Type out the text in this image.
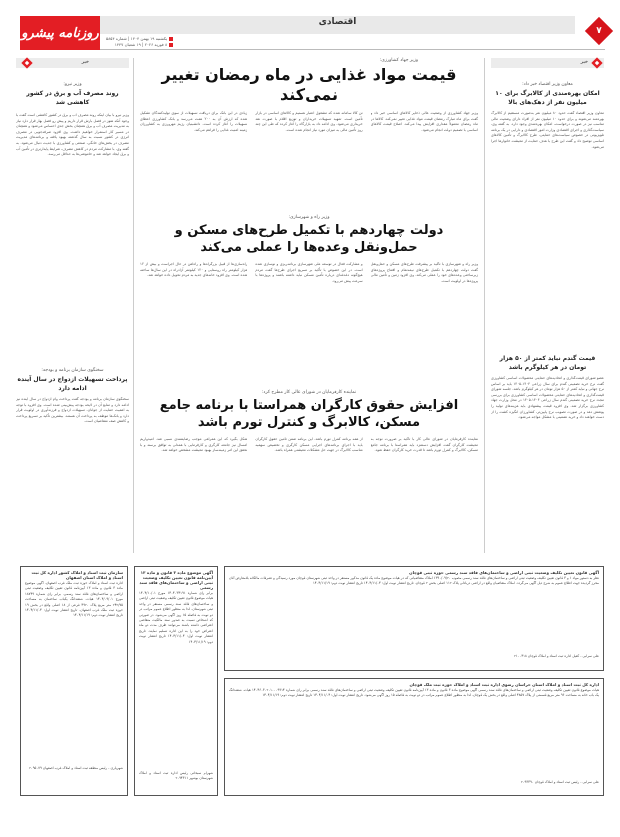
اقتصادی
روزنامه پیشرو	یکشنبه ۱۹ بهمن ۱۴۰۴ | شماره ۵۸۵۴
۸ فوریه ۲۰۲۶ | ۱۹ شعبان ۱۴۴۷
۷
خبر
معاون وزیر اقتصاد خبر داد:
امکان بهره‌مندی از کالابرگ برای ۱۰ میلیون نفر از دهک‌های بالا
معاون وزیر اقتصاد گفت حدود ۸۰ میلیون نفر به‌صورت مستقیم از کالابرگ بهره‌مند می‌شوند و برای حدود ۱۰ میلیون نفر از افراد دارای وضعیت مالی مناسب نیز در صورت درخواست، امکان بهره‌مندی وجود دارد. به گفته وی، سیاست‌گذاری و اجرای اقتصادی وزارت امور اقتصادی و دارایی در یک برنامه تلویزیونی در خصوص سیاست‌های حمایتی، طرح کالابرگ و تأمین کالاهای اساسی توضیح داد و گفت این طرح با هدف حمایت از معیشت خانوارها اجرا می‌شود.
قیمت گندم نباید کمتر از ۵۰ هزار تومان در هر کیلوگرم باشد
عضو شورای قیمت‌گذاری و اتحادیه‌های حمایتی محصولات اساسی کشاورزی گفت نرخ خرید تضمینی گندم برای سال زراعی ۱۴۰۴-۱۴۰۵ باید بر اساس نرخ جهانی و نباید کمتر از ۵۰ هزار تومان در هر کیلوگرم باشد. جلسه شورای قیمت‌گذاری و اتحادیه‌های حمایتی محصولات اساسی کشاورزی برای بررسی مجدد نرخ خرید تضمینی گندم سال زراعی ۱۴۰۴-۱۴۰۵ در محل وزارت جهاد کشاورزی برگزار شد. وی افزود قیمت پیشنهادی باید هزینه‌های تولید را پوشش دهد و در صورت تصویب نرخ پایین‌تر، کشاورزان انگیزه کشت را از دست خواهند داد و خرید تضمینی با مشکل مواجه می‌شود.
وزیر جهاد کشاورزی:
قیمت مواد غذایی در ماه رمضان تغییر نمی‌کند
وزیر جهاد کشاورزی از وضعیت عالی ذخایر کالاهای اساسی خبر داد و گفت برای ماه مبارک رمضان قیمت مواد غذایی تغییر نمی‌کند. کالاها در ماه رمضان معمولاً مقداری افزایش پیدا می‌کند. اصلاح قیمت کالاهای اساسی با تصمیم دولت انجام می‌شود.
تن کالا سامانه شده که مشغول اعتبار هستیم و کالاهای اساسی در بازار تأمین است. تمهید تسهیلات خریداران و توزیع اقلام با صورت نقد خریداری می‌شود. وی ادامه داد به بازارگاه را آغاز کرده که طی این چند روز تأمین مالی به میزان مورد نیاز انجام شده است.
زیادی در این بانک برای دریافت تسهیلات از سوی تولیدکنندگان تشکیل شده که ارزش آن به ۲۰۰ همت می‌رسد و بانک کشاورزی اعطای تسهیلات را آغاز کرده است. دانشبنیان رژیم مهرورزی به کشاورزان زمینه امنیت غذایی را فراهم می‌کند.
وزیر راه و شهرسازی:
دولت چهاردهم با تکمیل طرح‌های مسکن و حمل‌ونقل وعده‌ها را عملی می‌کند
وزیر راه و شهرسازی با تأکید بر پیشرفت طرح‌های مسکن و حمل‌ونقل گفت دولت چهاردهم با تکمیل طرح‌های نیمه‌تمام و افتتاح پروژه‌های زیرساختی وعده‌های خود را عملی می‌کند. وی افزود زمین و تأمین مالی پروژه‌ها در اولویت است.
و مشارکت فعال در توسعه ملی شهرسازی برنامه‌ریزی و نوسازی شده است. در این خصوص با تأکید بر تسریع اجرای طرح‌ها گفت مردم هیچ‌گونه دغدغه‌ای درباره تأمین مسکن نباید داشته باشند و پروژه‌ها با سرعت پیش می‌رود.
راه‌سازی‌ها از قبیل بزرگراه‌ها و راه‌آهن در حال اجراست و بیش از ۱۲ هزار کیلومتر راه روستایی و ۱۲۰ کیلومتر آزادراه در این سال‌ها ساخته شده است. وی افزود خانه‌های جدید به مردم تحویل داده خواهد شد.
نماینده کارفرمایان در شورای عالی کار مطرح کرد:
افزایش حقوق کارگران همراستا با برنامه جامع مسکن، کالابرگ و کنترل تورم باشد
نماینده کارفرمایان در شورای عالی کار با تأکید بر ضرورت توجه به معیشت کارگران گفت افزایش دستمزد باید همراستا با برنامه جامع مسکن، کالابرگ و کنترل تورم باشد تا قدرت خرید کارگران حفظ شود.
از همه برنامه کنترل تورم باشد. این برنامه ضمن تأمین حقوق کارگران باید با اجرای برنامه‌های اجرایی مسکن کارگری و تخصیص سهمیه مناسب کالابرگ در جهت حل مشکلات معیشتی همراه باشد.
شکل بگیرد که این همراهی موجب رضایتمندی نسبی شد. امیدواریم امسال نیز جامعه کارگری و کارفرمایی با همدلی به توافق برسند و با تحقق این امر زمینه‌ساز بهبود معیشت مشخص خواهد شد.
خبر
وزیر نیرو:
روند مصرف آب و برق در کشور کاهشی شد
وزیر نیرو با بیان اینکه روند مصرف آب و برق در کشور کاهشی است گفت با وجود آنکه هنوز در فصل بارش قرار داریم و پیش رو فصل بهار قرار دارد نیاز به مدیریت مصرف آب و برق همچنان بخش جدی احساس می‌شود و همچنان در مسیر کار استمرار خواهیم داشت. وی افزود صرفه‌جویی در مصرف انرژی در کشور نسبت به سال گذشته بهبود یافته و برنامه‌های مدیریت مصرف در بخش‌های خانگی، صنعتی و کشاورزی با جدیت دنبال می‌شود. به گفته وی، با مشارکت مردم در کاهش مصرف، شرایط پایدارتری در تأمین آب و برق ایجاد خواهد شد و خاموشی‌ها به حداقل می‌رسد.
سخنگوی سازمان برنامه و بودجه:
پرداخت تسهیلات ازدواج در سال آینده ادامه دارد
سخنگوی سازمان برنامه و بودجه گفت پرداخت وام ازدواج در سال آینده نیز ادامه دارد و منابع آن در لایحه بودجه پیش‌بینی شده است. وی افزود با توجه به اهمیت حمایت از جوانان، تسهیلات ازدواج و فرزندآوری در اولویت قرار دارد و بانک‌ها موظف به پرداخت آن هستند. بیشترین تأکید بر تسریع پرداخت و کاهش صف متقاضیان است.
آگهی قانون تعیین تکلیف وضعیت ثبتی اراضی و ساختمان‌های فاقد سند رسمی حوزه ثبتی قوچان
نظر به دستور مواد ۱ و ۳ قانون تعیین تکلیف وضعیت ثبتی اراضی و ساختمان‌های فاقد سند رسمی مصوب ۱۳۹۰/۰۹/۲۰ املاک متقاضیانی که در هیات موضوع ماده یک قانون مذکور مستقر در واحد ثبتی شهرستان قوچان مورد رسیدگی و تصرفات مالکانه بلامعارض آنان محرز گردیده جهت اطلاع عموم به شرح ذیل آگهی می‌گردد. املاک متقاضیان واقع در اراضی دربادلی پلاک ۱۱۲ اصلی بخش ۲ قوچان. تاریخ انتشار نوبت اول: ۱۴۰۴/۱۱/۰۴ تاریخ انتشار نوبت دوم: ۱۴۰۴/۱۱/۱۹
علی سرابی - کفیل اداره ثبت اسناد و املاک قوچان ۲۱۰۰۴۱۸
اداره کل ثبت اسناد و املاک استان خراسان رضوی اداره ثبت اسناد و املاک حوزه ثبت ملک قوچان
هیات موضوع قانون تعیین تکلیف وضعیت ثبتی اراضی و ساختمان‌های فاقد سند رسمی آگهی موضوع ماده ۳ قانون و ماده ۱۳ آیین‌نامه قانون تعیین تکلیف وضعیت ثبتی اراضی و ساختمان‌های فاقد سند رسمی برابر رای شماره ۱۴۰۴۶۰۳۰۲۰۱۰۰۰۹۹۱۴ هیات. ششدانگ یک باب خانه به مساحت ۹۶ متر مربع قسمتی از پلاک ۴۸۵۷ اصلی واقع در بخش یک قوچان. لذا به منظور اطلاع عموم مراتب در دو نوبت به فاصله ۱۵ روز آگهی می‌شود. تاریخ انتشار نوبت اول: ۱۴۰۴/۱۱/۰۴ تاریخ انتشار نوبت دوم: ۱۴۰۴/۱۱/۱۹
علی سرابی - رئیس ثبت اسناد و املاک قوچان ۲۰۹۳۳۹۰
آگهی موضوع ماده ۳ قانون و ماده ۱۳ آیین‌نامه قانون تعیین تکلیف وضعیت ثبتی اراضی و ساختمان‌های فاقد سند رسمی
برابر رای شماره ۱۴۰۴۰۳۴۱۹۱ مورخ ۱۴۰۴/۱۰/۰۱ هیات موضوع قانون تعیین تکلیف وضعیت ثبتی اراضی و ساختمان‌های فاقد سند رسمی مستقر در واحد ثبتی شهرستان. لذا به منظور اطلاع عموم مراتب در دو نوبت به فاصله ۱۵ روز آگهی می‌شود. در صورتی که اشخاص نسبت به صدور سند مالکیت متقاضی اعتراضی داشته باشند می‌توانند ظرف مدت دو ماه اعتراض خود را به این اداره تسلیم نمایند. تاریخ انتشار نوبت اول: ۱۴۰۴/۱۱/۰۴ تاریخ انتشار نوبت دوم: ۱۴۰۴/۱۱/۱۹
شهرام سبحانی رئیس اداره ثبت اسناد و املاک شهرستان بوشهر ۲۰۹۴۳۱۱
سازمان ثبت اسناد و املاک کشور اداره کل ثبت اسناد و املاک استان اصفهان
اداره ثبت اسناد و املاک حوزه ثبت ملک غرب اصفهان. آگهی موضوع ماده ۳ قانون و ماده ۱۳ آیین‌نامه قانون تعیین تکلیف وضعیت ثبتی اراضی و ساختمان‌های فاقد سند رسمی. برابر رای شماره ۱۸۷۴۹ مورخ ۱۴۰۴/۰۹/۰۱ هیات. ششدانگ یکباب ساختمان به مساحت ۲۴۲/۷۵ متر مربع پلاک ۴۹۲۰ فرعی از ۱۸ اصلی واقع در بخش ۱۹ حوزه ثبت ملک غرب اصفهان. تاریخ انتشار نوبت اول: ۱۴۰۴/۱۱/۰۴ تاریخ انتشار نوبت دوم: ۱۴۰۴/۱۱/۱۹
شهریاری - رئیس منطقه ثبت اسناد و املاک غرب اصفهان ۲۰۹۵۰۷۹
